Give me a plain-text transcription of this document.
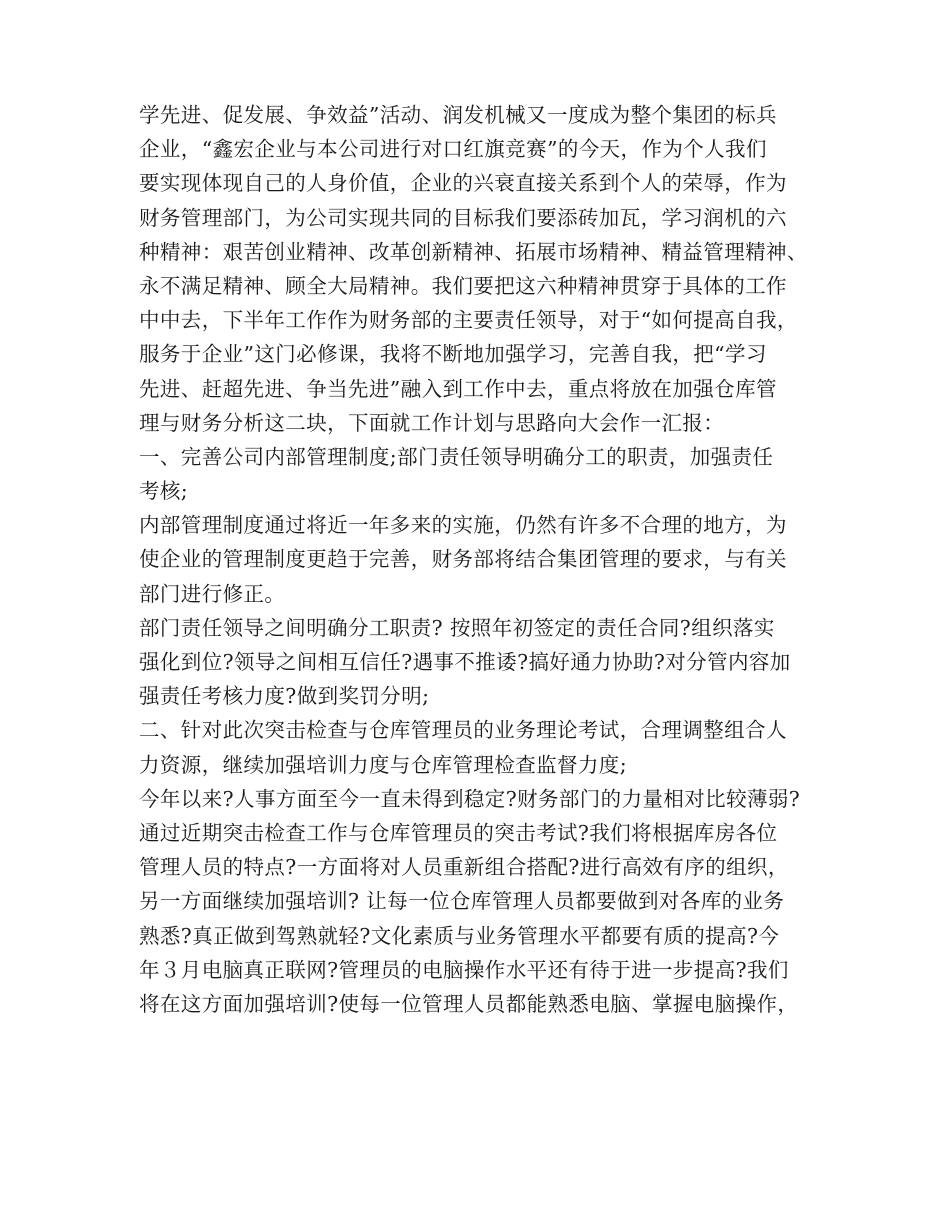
学先进、促发展、争效益”活动、润发机械又一度成为整个集团的标兵
企业，“鑫宏企业与本公司进行对口红旗竞赛”的今天，作为个人我们
要实现体现自己的人身价值，企业的兴衰直接关系到个人的荣辱，作为
财务管理部门，为公司实现共同的目标我们要添砖加瓦，学习润机的六
种精神：艰苦创业精神、改革创新精神、拓展市场精神、精益管理精神、
永不满足精神、顾全大局精神。我们要把这六种精神贯穿于具体的工作
中中去，下半年工作作为财务部的主要责任领导，对于“如何提高自我，
服务于企业”这门必修课，我将不断地加强学习，完善自我，把“学习
先进、赶超先进、争当先进”融入到工作中去，重点将放在加强仓库管
理与财务分析这二块，下面就工作计划与思路向大会作一汇报：
一、完善公司内部管理制度;部门责任领导明确分工的职责，加强责任
考核;
内部管理制度通过将近一年多来的实施，仍然有许多不合理的地方，为
使企业的管理制度更趋于完善，财务部将结合集团管理的要求，与有关
部门进行修正。
部门责任领导之间明确分工职责? 按照年初签定的责任合同?组织落实
强化到位?领导之间相互信任?遇事不推诿?搞好通力协助?对分管内容加
强责任考核力度?做到奖罚分明;
二、针对此次突击检查与仓库管理员的业务理论考试，合理调整组合人
力资源，继续加强培训力度与仓库管理检查监督力度;
今年以来?人事方面至今一直未得到稳定?财务部门的力量相对比较薄弱?
通过近期突击检查工作与仓库管理员的突击考试?我们将根据库房各位
管理人员的特点?一方面将对人员重新组合搭配?进行高效有序的组织，
另一方面继续加强培训? 让每一位仓库管理人员都要做到对各库的业务
熟悉?真正做到驾熟就轻?文化素质与业务管理水平都要有质的提高?今
年３月电脑真正联网?管理员的电脑操作水平还有待于进一步提高?我们
将在这方面加强培训?使每一位管理人员都能熟悉电脑、掌握电脑操作，
